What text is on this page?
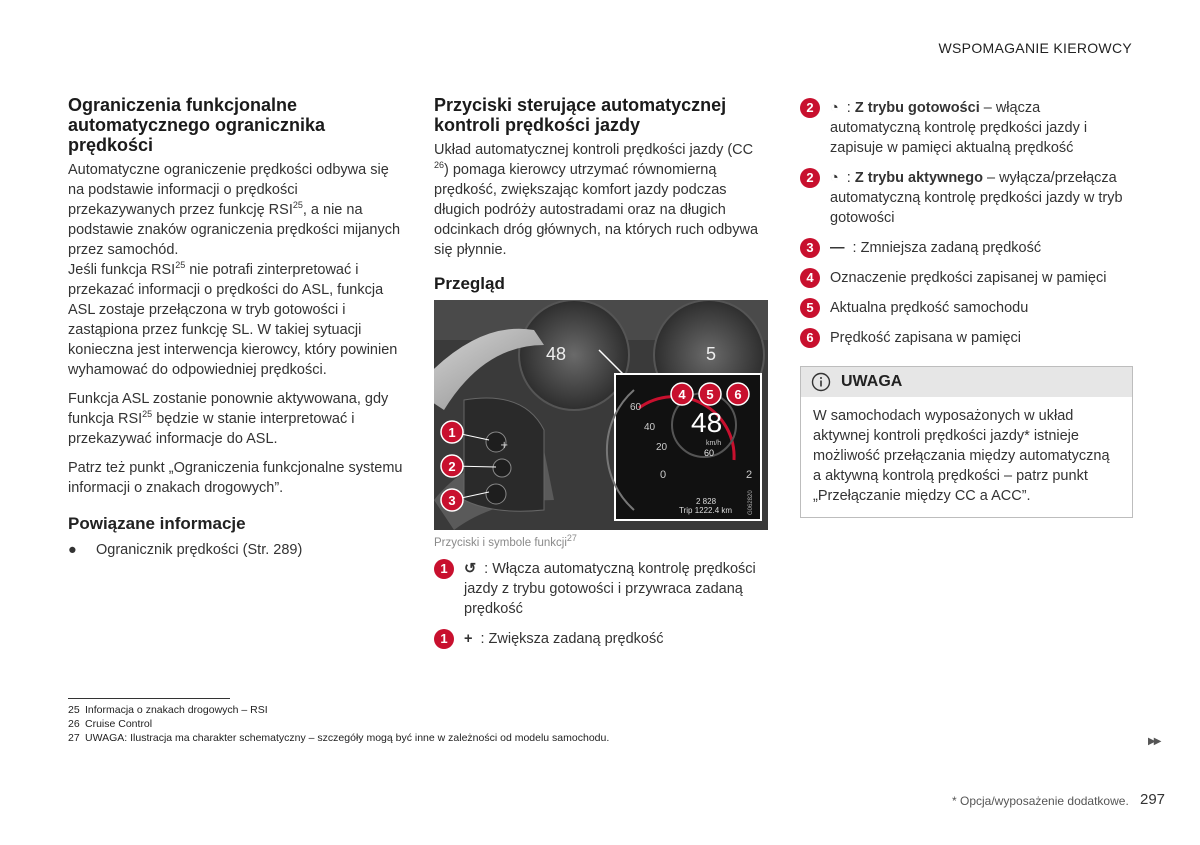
WSPOMAGANIE KIEROWCY
Ograniczenia funkcjonalne automatycznego ogranicznika prędkości

Automatyczne ograniczenie prędkości odbywa się na podstawie informacji o prędkości przekazywanych przez funkcję RSI$^{25}$, a nie na podstawie znaków ograniczenia prędkości mijanych przez samochód.

Jeśli funkcja RSI$^{25}$ nie potrafi zinterpretować i przekazać informacji o prędkości do ASL, funkcja ASL zostaje przełączona w tryb gotowości i zastąpiona przez funkcję SL. W takiej sytuacji konieczna jest interwencja kierowcy, który powinien wyhamować do odpowiedniej prędkości.

Funkcja ASL zostanie ponownie aktywowana, gdy funkcja RSI$^{25}$ będzie w stanie interpretować i przekazywać informacje do ASL.

Patrz też punkt „Ograniczenia funkcjonalne systemu informacji o znakach drogowych”.

Powiązane informacje
●	Ogranicznik prędkości (Str. 289)
Przyciski sterujące automatycznej kontroli prędkości jazdy

Układ automatycznej kontroli prędkości jazdy (CC $^{26}$) pomaga kierowcy utrzymać równomierną prędkość, zwiększając komfort jazdy podczas długich podróży autostradami oraz na długich odcinkach dróg głównych, na których ruch odbywa się płynnie.

Przegląd
48	5
+
1
2
3
60
40
20
0	2
48
km/h
60
2 828
Trip 1222.4 km	G062820
4 5 6
Przyciski i symbole funkcji$^{27}$
1	↺ : Włącza automatyczną kontrolę prędkości jazdy z trybu gotowości i przywraca zadaną prędkość
1	+ : Zwiększa zadaną prędkość
2	◔ : Z trybu gotowości – włącza automatyczną kontrolę prędkości jazdy i zapisuje w pamięci aktualną prędkość
2	◔ : Z trybu aktywnego – wyłącza/przełącza automatyczną kontrolę prędkości jazdy w tryb gotowości
3	— : Zmniejsza zadaną prędkość
4	Oznaczenie prędkości zapisanej w pamięci
5	Aktualna prędkość samochodu
6	Prędkość zapisana w pamięci
UWAGA
W samochodach wyposażonych w układ aktywnej kontroli prędkości jazdy* istnieje możliwość przełączania między automatyczną a aktywną kontrolą prędkości – patrz punkt „Przełączanie między CC a ACC”.
25 Informacja o znakach drogowych – RSI
26 Cruise Control
27 UWAGA: Ilustracja ma charakter schematyczny – szczegóły mogą być inne w zależności od modelu samochodu.	▶▶
* Opcja/wyposażenie dodatkowe. 297
